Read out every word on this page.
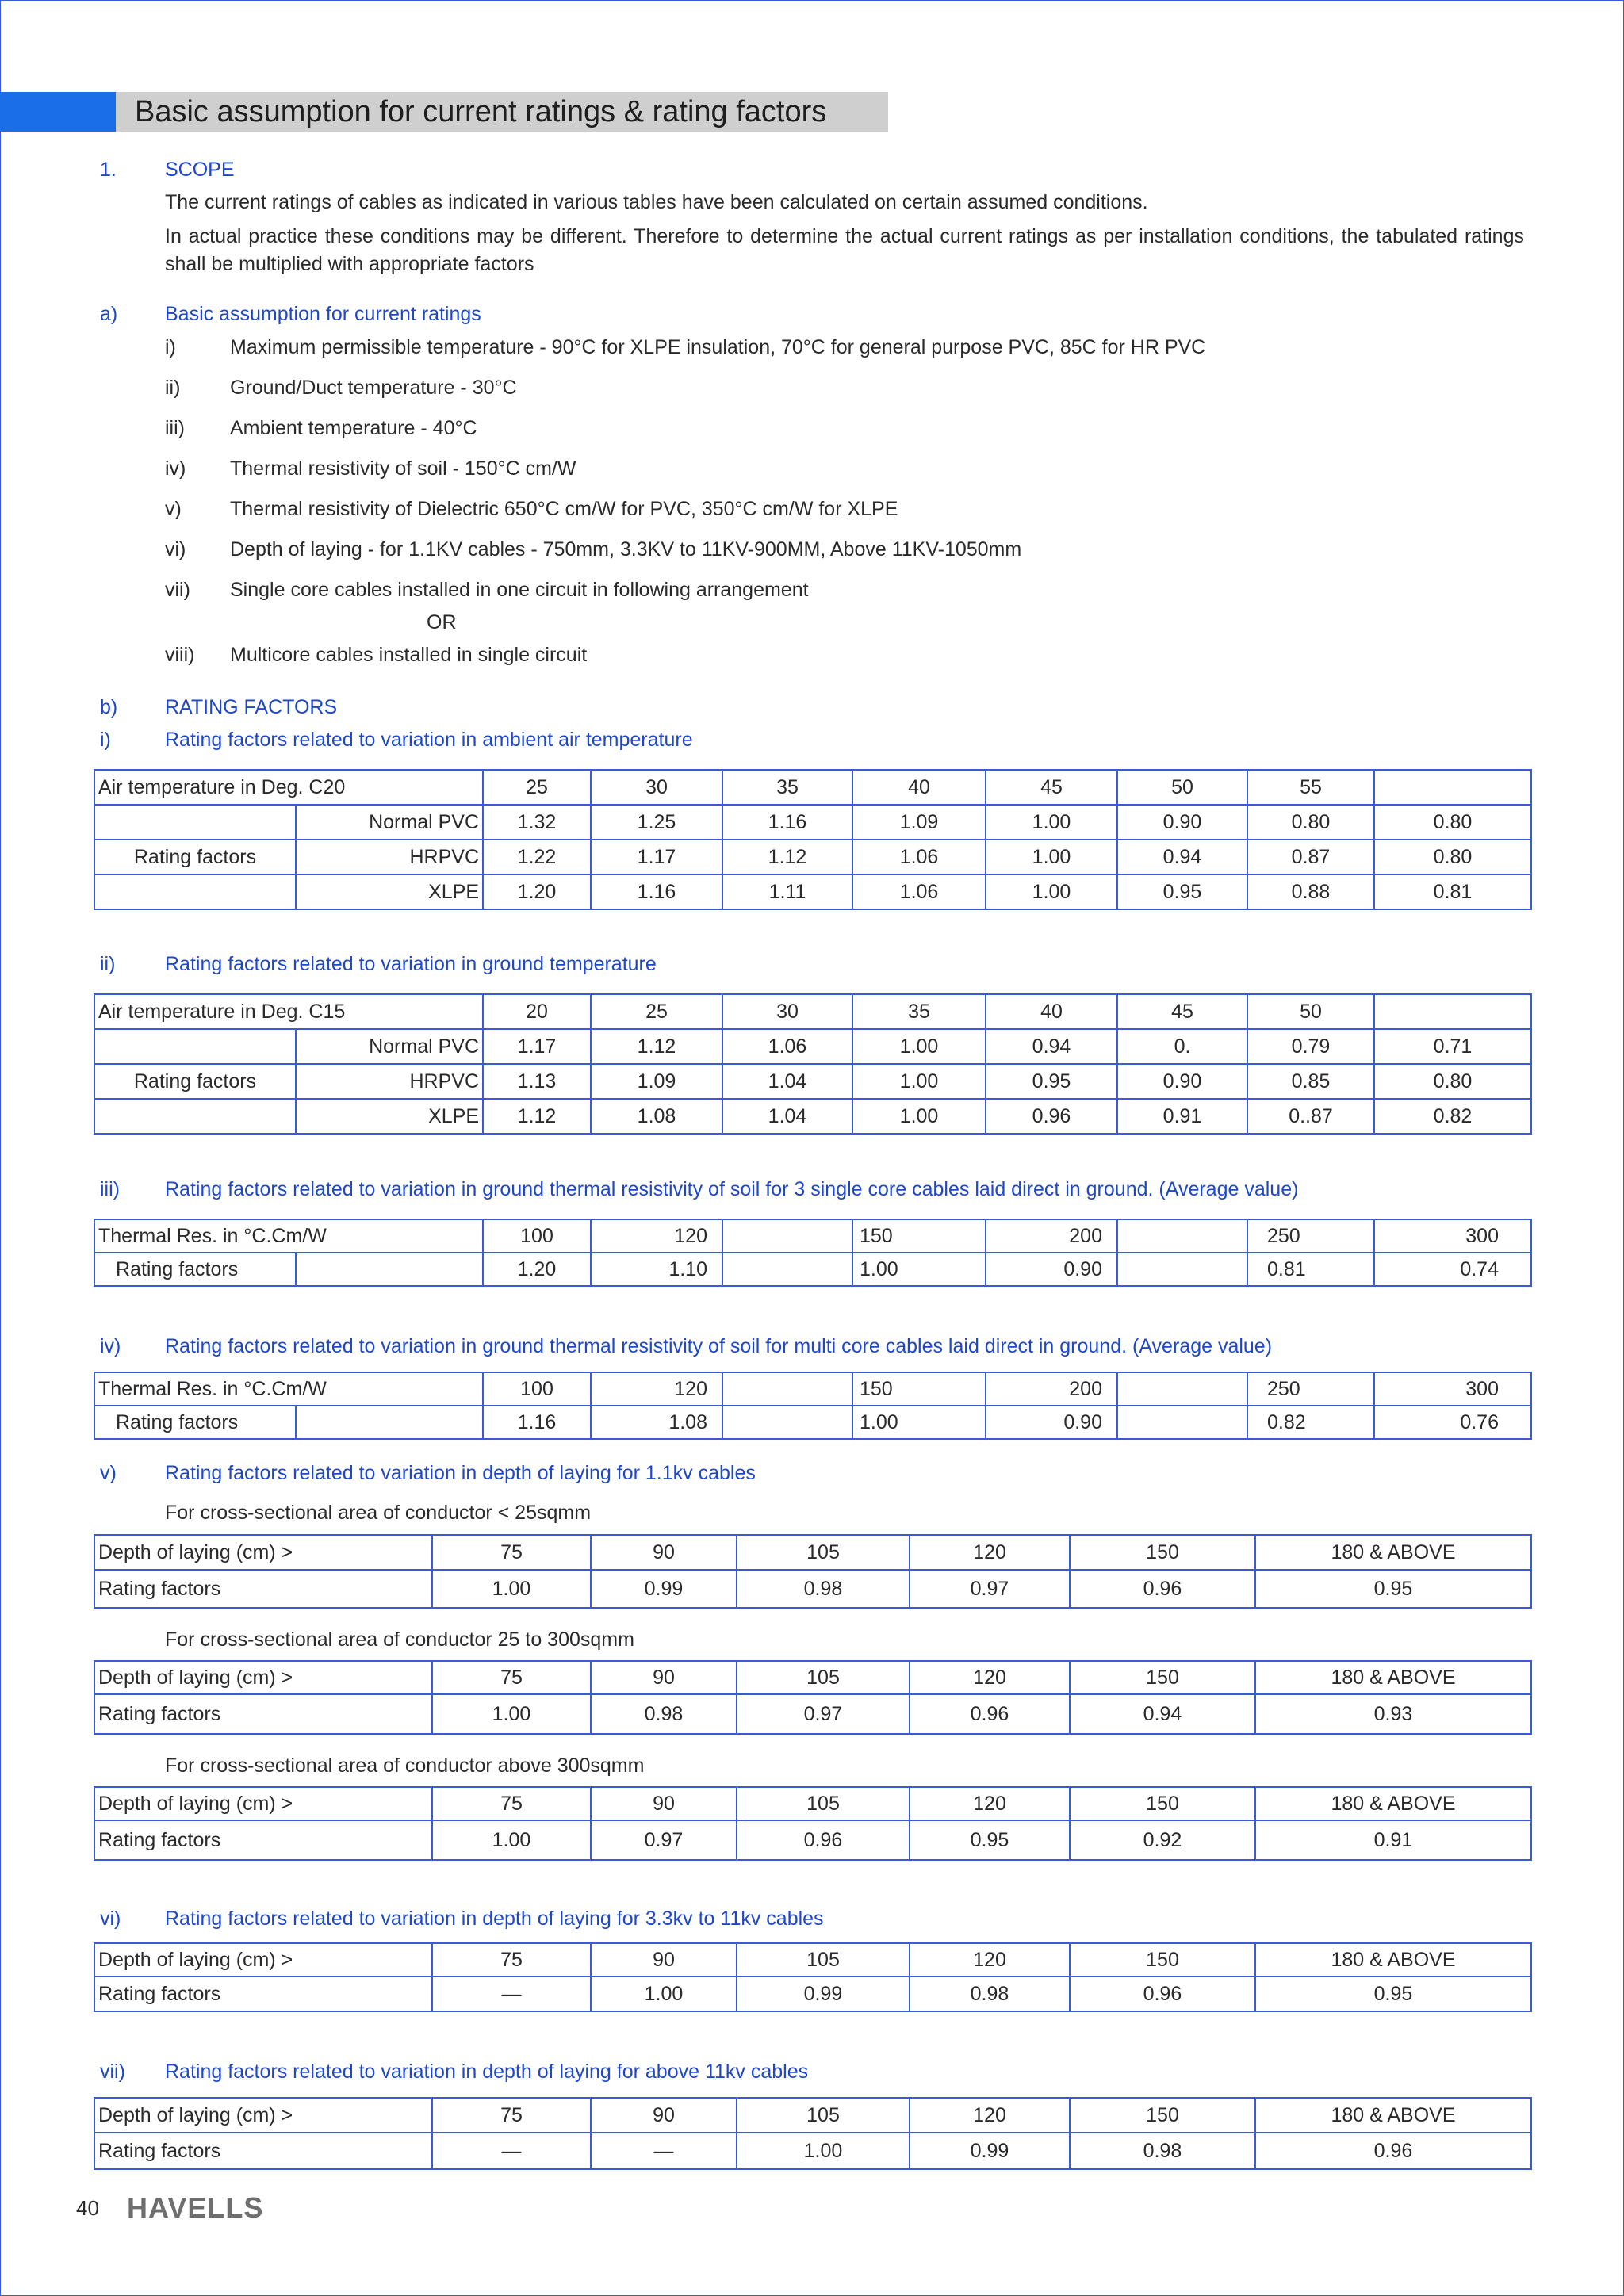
Basic assumption for current ratings & rating factors
1. SCOPE
The current ratings of cables as indicated in various tables have been calculated on certain assumed conditions.
In actual practice these conditions may be different. Therefore to determine the actual current ratings as per installation conditions, the tabulated ratings shall be multiplied with appropriate factors
a) Basic assumption for current ratings
i)	Maximum permissible temperature - 90°C for XLPE insulation, 70°C for general purpose PVC, 85C for HR PVC
ii)	Ground/Duct temperature - 30°C
iii) Ambient temperature - 40°C
iv) Thermal resistivity of soil - 150°C cm/W
v) Thermal resistivity of Dielectric 650°C cm/W for PVC, 350°C cm/W for XLPE
vi) Depth of laying - for 1.1KV cables - 750mm, 3.3KV to 11KV-900MM, Above 11KV-1050mm
vii) Single core cables installed in one circuit in following arrangement
OR
viii) Multicore cables installed in single circuit
b) RATING FACTORS
i)	Rating factors related to variation in ambient air temperature
Air temperature in Deg. C20		25	30	35	40	45	50	55	
	Normal PVC	1.32	1.25	1.16	1.09	1.00	0.90	0.80	0.80
Rating factors	HRPVC	1.22	1.17	1.12	1.06	1.00	0.94	0.87	0.80
	XLPE	1.20	1.16	1.11	1.06	1.00	0.95	0.88	0.81
ii)	Rating factors related to variation in ground temperature
Air temperature in Deg. C15		20	25	30	35	40	45	50	
	Normal PVC	1.17	1.12	1.06	1.00	0.94	0.	0.79	0.71
Rating factors	HRPVC	1.13	1.09	1.04	1.00	0.95	0.90	0.85	0.80
	XLPE	1.12	1.08	1.04	1.00	0.96	0.91	0..87	0.82
iii) Rating factors related to variation in ground thermal resistivity of soil for 3 single core cables laid direct in ground. (Average value)
Thermal Res. in °C.Cm/W		100	120		150	200		250	300
Rating factors		1.20	1.10		1.00	0.90		0.81	0.74
iv) Rating factors related to variation in ground thermal resistivity of soil for multi core cables laid direct in ground. (Average value)
Thermal Res. in °C.Cm/W		100	120		150	200		250	300
Rating factors		1.16	1.08		1.00	0.90		0.82	0.76
v) Rating factors related to variation in depth of laying for 1.1kv cables
For cross-sectional area of conductor < 25sqmm
Depth of laying (cm) >	75	90	105	120	150	180 & ABOVE
Rating factors	1.00	0.99	0.98	0.97	0.96	0.95
For cross-sectional area of conductor 25 to 300sqmm
Depth of laying (cm) >	75	90	105	120	150	180 & ABOVE
Rating factors	1.00	0.98	0.97	0.96	0.94	0.93
For cross-sectional area of conductor above 300sqmm
Depth of laying (cm) >	75	90	105	120	150	180 & ABOVE
Rating factors	1.00	0.97	0.96	0.95	0.92	0.91
vi) Rating factors related to variation in depth of laying for 3.3kv to 11kv cables
Depth of laying (cm) >	75	90	105	120	150	180 & ABOVE
Rating factors	—	1.00	0.99	0.98	0.96	0.95
vii) Rating factors related to variation in depth of laying for above 11kv cables
Depth of laying (cm) >	75	90	105	120	150	180 & ABOVE
Rating factors	—	—	1.00	0.99	0.98	0.96
40 HAVELLS
